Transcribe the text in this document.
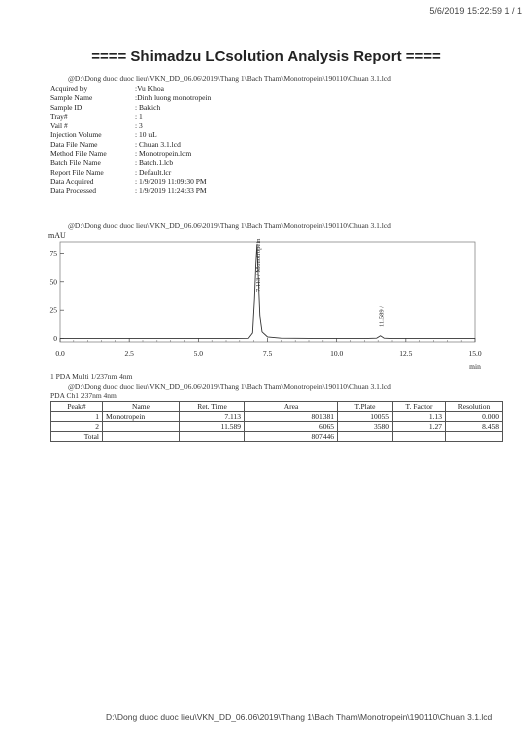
5/6/2019 15:22:59 1 / 1
==== Shimadzu LCsolution Analysis Report ====
@D:\Dong duoc duoc lieu\VKN_DD_06.06\2019\Thang 1\Bach Tham\Monotropein\190110\Chuan 3.1.lcd
Acquired by	:Vu Khoa
Sample Name	:Dinh luong monotropein
Sample ID	: Bakich
Tray#	: 1
Vail #	: 3
Injection Volume	: 10 uL
Data File Name	: Chuan 3.1.lcd
Method File Name	: Monotropein.lcm
Batch File Name	: Batch.1.lcb
Report File Name	: Default.lcr
Data Acquired	: 1/9/2019 11:09:30 PM
Data Processed	: 1/9/2019 11:24:33 PM
@D:\Dong duoc duoc lieu\VKN_DD_06.06\2019\Thang 1\Bach Tham\Monotropein\190110\Chuan 3.1.lcd
mAU
min
0
25
50
75
0.0	2.5	5.0	7.5	10.0	12.5	15.0
7.113 / Monotropein
11.589 /
1 PDA Multi 1/237nm 4nm
@D:\Dong duoc duoc lieu\VKN_DD_06.06\2019\Thang 1\Bach Tham\Monotropein\190110\Chuan 3.1.lcd
PDA Ch1 237nm 4nm
Peak#	Name	Ret. Time	Area	T.Plate	T. Factor	Resolution
1	Monotropein	7.113	801381	10055	1.13	0.000
2		11.589	6065	3580	1.27	8.458
Total			807446			
D:\Dong duoc duoc lieu\VKN_DD_06.06\2019\Thang 1\Bach Tham\Monotropein\190110\Chuan 3.1.lcd
